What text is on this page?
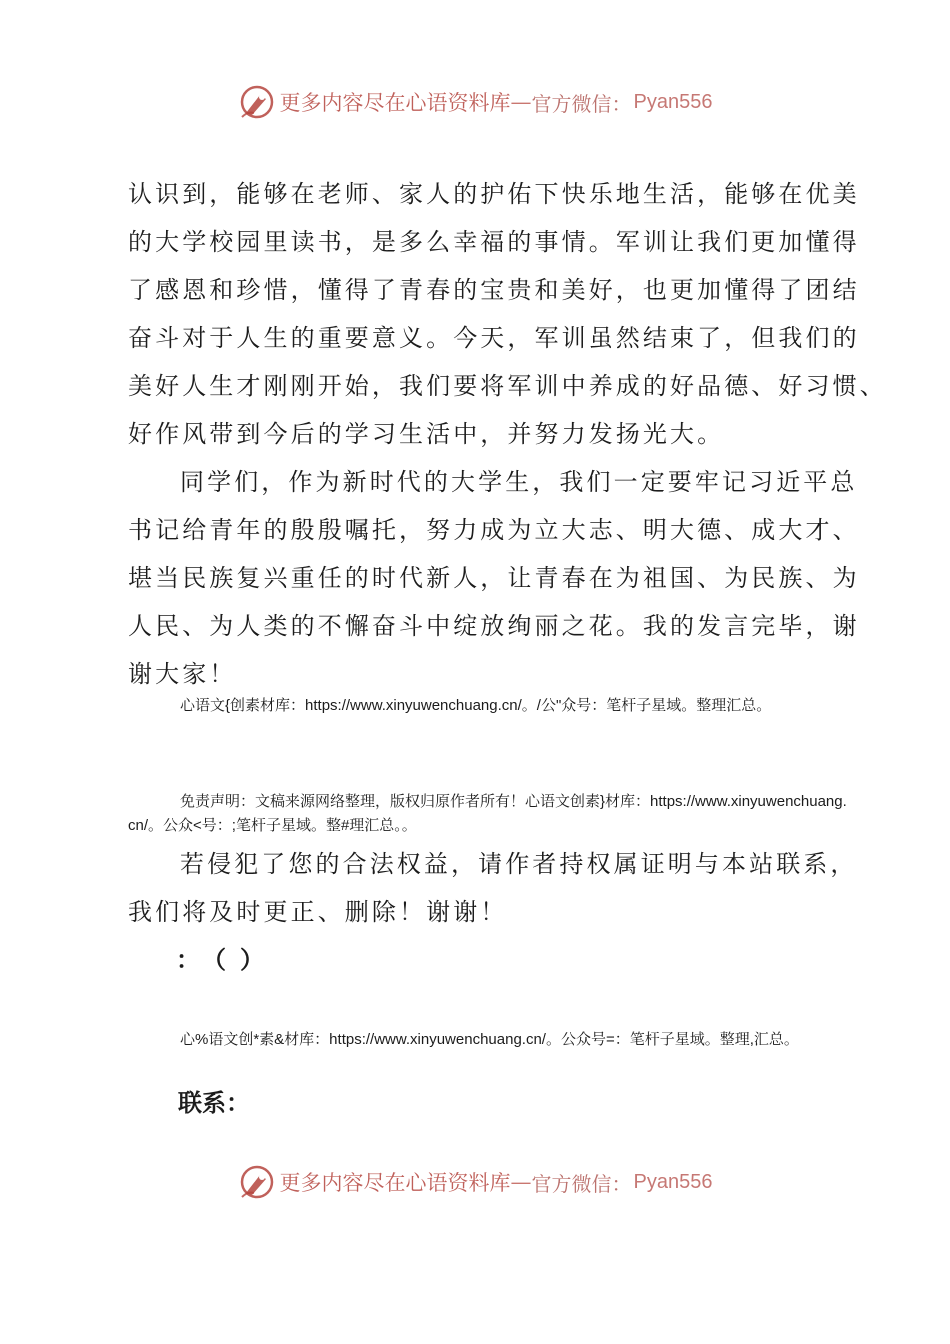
更多内容尽在心语资料库 — 官方微信： Pyan556
认识到，能够在老师、家人的护佑下快乐地生活，能够在优美
的大学校园里读书，是多么幸福的事情。军训让我们更加懂得
了感恩和珍惜，懂得了青春的宝贵和美好，也更加懂得了团结
奋斗对于人生的重要意义。今天，军训虽然结束了，但我们的
美好人生才刚刚开始，我们要将军训中养成的好品德、好习惯、
好作风带到今后的学习生活中，并努力发扬光大。
同学们，作为新时代的大学生，我们一定要牢记习近平总
书记给青年的殷殷嘱托，努力成为立大志、明大德、成大才、
堪当民族复兴重任的时代新人，让青春在为祖国、为民族、为
人民、为人类的不懈奋斗中绽放绚丽之花。我的发言完毕，谢
谢大家！
心语文{创素材库：https://www.xinyuwenchuang.cn/。/公"众号：笔杆子星域。整理汇总。
免责声明：文稿来源网络整理，版权归原作者所有！心语文创素}材库：https://www.xinyuwenchuang.cn/。公众<号：;笔杆子星域。整#理汇总。。
若侵犯了您的合法权益，请作者持权属证明与本站联系，
我们将及时更正、删除！谢谢！
：（）
心%语文创*素&材库：https://www.xinyuwenchuang.cn/。公众号=：笔杆子星域。整理,汇总。
联系：
更多内容尽在心语资料库 — 官方微信： Pyan556
